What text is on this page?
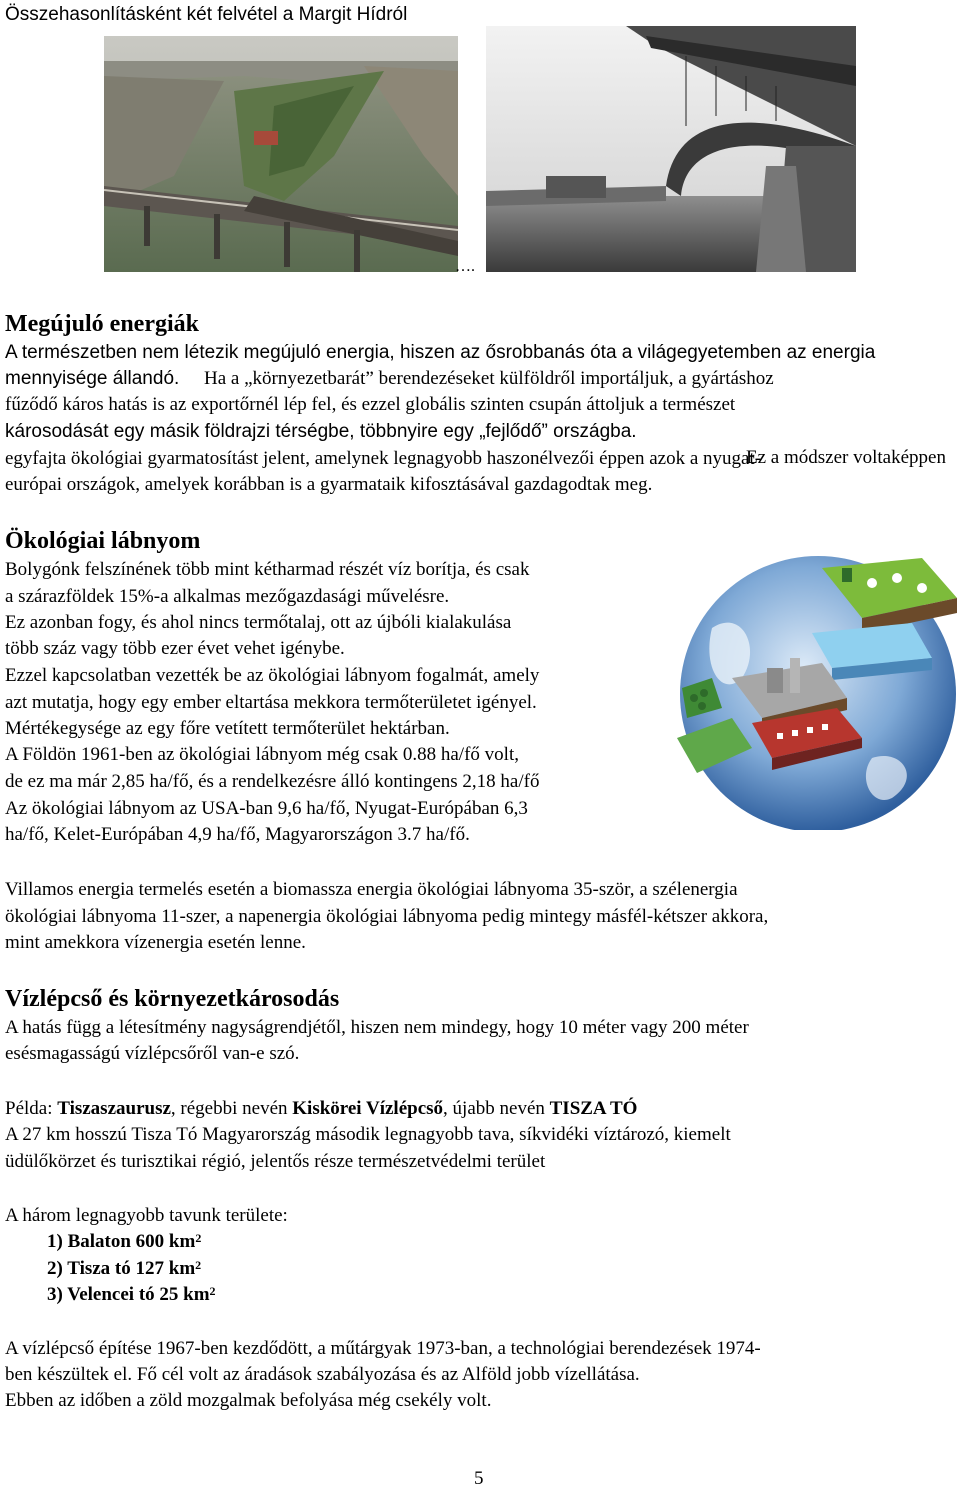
Összehasonlításként két felvétel a Margit Hídról
….
Megújuló energiák
A természetben nem létezik megújuló energia, hiszen az ősrobbanás óta a világegyetemben az energia
mennyisége állandó. Ha a „környezetbarát” berendezéseket külföldről importáljuk, a gyártáshoz
fűződő káros hatás is az exportőrnél lép fel, és ezzel globális szinten csupán áttoljuk a természet
károsodását egy másik földrajzi térségbe, többnyire egy „fejlődő” országba.
Ez a módszer voltaképpen
egyfajta ökológiai gyarmatosítást jelent, amelynek legnagyobb haszonélvezői éppen azok a nyugat-
európai országok, amelyek korábban is a gyarmataik kifosztásával gazdagodtak meg.
Ökológiai lábnyom
Bolygónk felszínének több mint kétharmad részét víz borítja, és csak
a szárazföldek 15%-a alkalmas mezőgazdasági művelésre.
Ez azonban fogy, és ahol nincs termőtalaj, ott az újbóli kialakulása
több száz vagy több ezer évet vehet igénybe.
Ezzel kapcsolatban vezették be az ökológiai lábnyom fogalmát, amely
azt mutatja, hogy egy ember eltartása mekkora termőterületet igényel.
Mértékegysége az egy főre vetített termőterület hektárban.
A Földön 1961-ben az ökológiai lábnyom még csak 0.88 ha/fő volt,
de ez ma már 2,85 ha/fő, és a rendelkezésre álló kontingens 2,18 ha/fő
Az ökológiai lábnyom az USA-ban 9,6 ha/fő, Nyugat-Európában 6,3
ha/fő, Kelet-Európában 4,9 ha/fő, Magyarországon 3.7 ha/fő.
Villamos energia termelés esetén a biomassza energia ökológiai lábnyoma 35-ször, a szélenergia
ökológiai lábnyoma 11-szer, a napenergia ökológiai lábnyoma pedig mintegy másfél-kétszer akkora,
mint amekkora vízenergia esetén lenne.
Vízlépcső és környezetkárosodás
A hatás függ a létesítmény nagyságrendjétől, hiszen nem mindegy, hogy 10 méter vagy 200 méter
esésmagasságú vízlépcsőről van-e szó.
Példa: Tiszaszaurusz, régebbi nevén Kiskörei Vízlépcső, újabb nevén TISZA TÓ
A 27 km hosszú Tisza Tó Magyarország második legnagyobb tava, síkvidéki víztározó, kiemelt
üdülőkörzet és turisztikai régió, jelentős része természetvédelmi terület
A három legnagyobb tavunk területe:
1) Balaton 600 $km^2$
2) Tisza tó 127 $km^2$
3) Velencei tó 25 $km^2$
A vízlépcső építése 1967-ben kezdődött, a műtárgyak 1973-ban, a technológiai berendezések 1974-
ben készültek el. Fő cél volt az áradások szabályozása és az Alföld jobb vízellátása.
Ebben az időben a zöld mozgalmak befolyása még csekély volt.
5
